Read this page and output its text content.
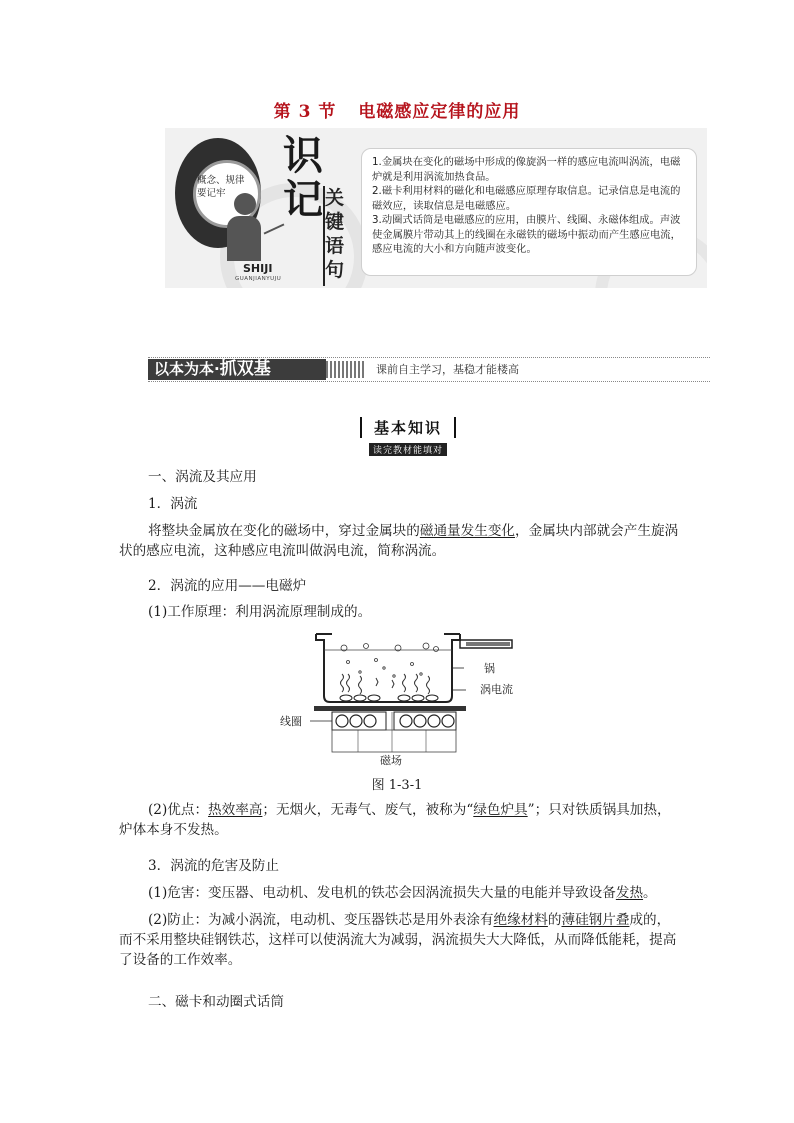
第 3 节 电磁感应定律的应用
概念、规律要记牢
SHIJI
GUANJIANYUJU
识记 关键语句
1.金属块在变化的磁场中形成的像旋涡一样的感应电流叫涡流，电磁炉就是利用涡流加热食品。
2.磁卡利用材料的磁化和电磁感应原理存取信息。记录信息是电流的磁效应，读取信息是电磁感应。
3.动圈式话筒是电磁感应的应用，由膜片、线圈、永磁体组成。声波使金属膜片带动其上的线圈在永磁铁的磁场中振动而产生感应电流，感应电流的大小和方向随声波变化。
以本为本·抓双基	课前自主学习，基稳才能楼高
基本知识
读完教材能填对
一、涡流及其应用
1．涡流
将整块金属放在变化的磁场中，穿过金属块的磁通量发生变化，金属块内部就会产生旋涡状的感应电流，这种感应电流叫做涡电流，简称涡流。
2．涡流的应用——电磁炉
(1)工作原理：利用涡流原理制成的。
锅
涡电流
线圈
磁场
图 1-3-1
(2)优点：热效率高；无烟火，无毒气、废气，被称为“绿色炉具”；只对铁质锅具加热，炉体本身不发热。
3．涡流的危害及防止
(1)危害：变压器、电动机、发电机的铁芯会因涡流损失大量的电能并导致设备发热。
(2)防止：为减小涡流，电动机、变压器铁芯是用外表涂有绝缘材料的薄硅钢片叠成的，而不采用整块硅钢铁芯，这样可以使涡流大为减弱，涡流损失大大降低，从而降低能耗，提高了设备的工作效率。
二、磁卡和动圈式话筒
